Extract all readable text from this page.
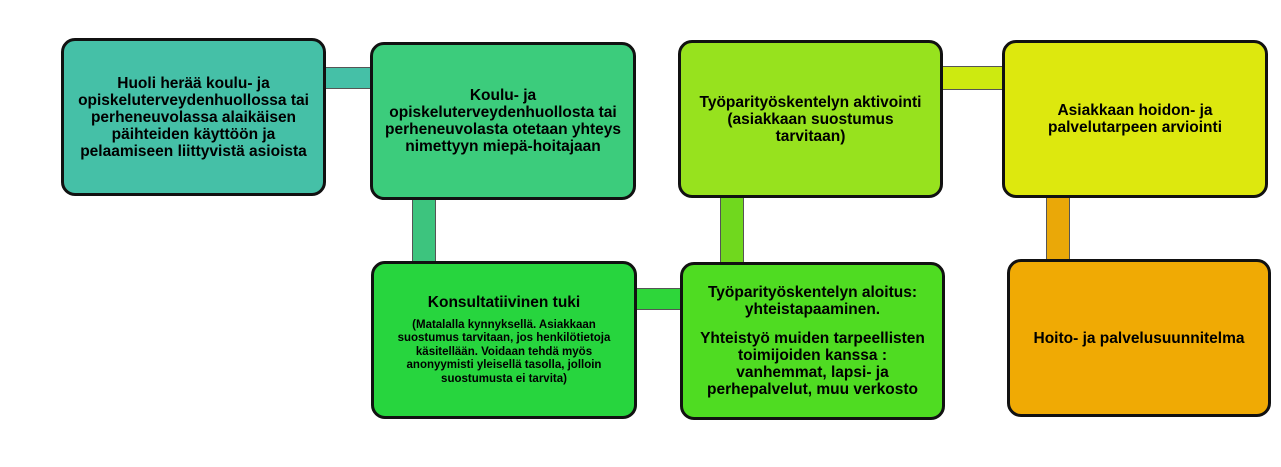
Huoli herää koulu- ja opiskeluterveydenhuollossa tai perheneuvolassa alaikäisen päihteiden käyttöön ja pelaamiseen liittyvistä asioista
Koulu- ja opiskeluterveydenhuollosta tai perheneuvolasta otetaan yhteys nimettyyn miepä-hoitajaan
Työparityöskentelyn aktivointi (asiakkaan suostumus tarvitaan)
Asiakkaan hoidon- ja palvelutarpeen arviointi
Konsultatiivinen tuki
(Matalalla kynnyksellä. Asiakkaan suostumus tarvitaan, jos henkilötietoja käsitellään. Voidaan tehdä myös anonyymisti yleisellä tasolla, jolloin suostumusta ei tarvita)
Työparityöskentelyn aloitus: yhteistapaaminen.
Yhteistyö muiden tarpeellisten toimijoiden kanssa : vanhemmat, lapsi- ja perhepalvelut, muu verkosto
Hoito- ja palvelusuunnitelma
